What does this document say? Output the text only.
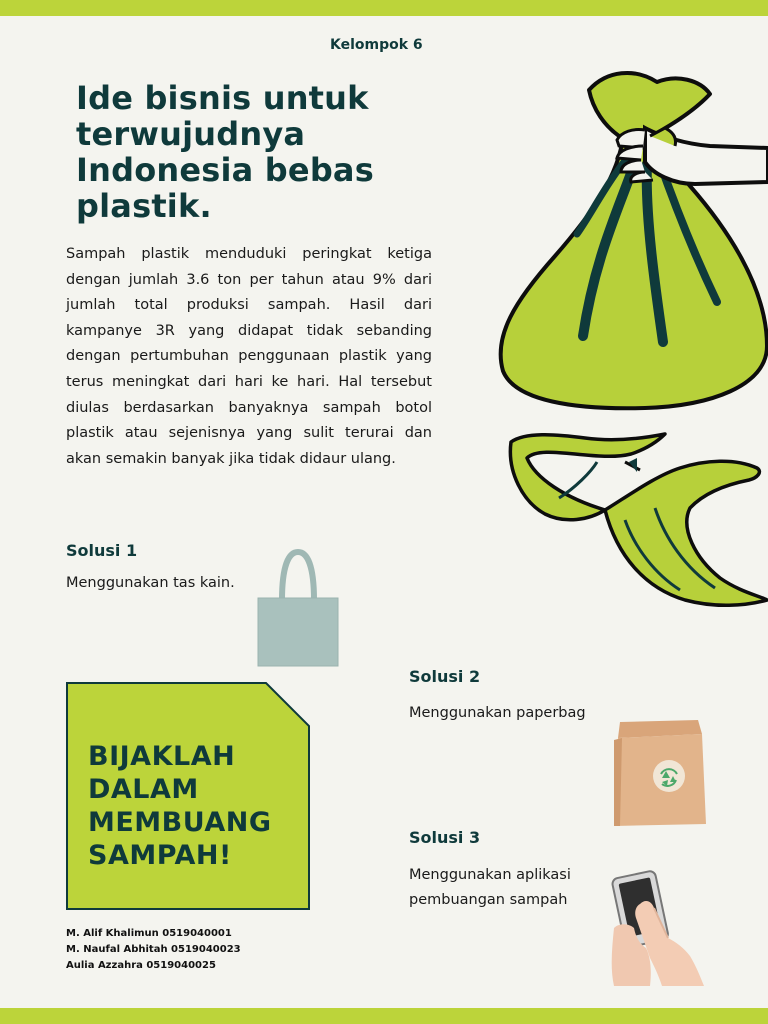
Kelompok 6
Ide bisnis untuk terwujudnya Indonesia bebas plastik.

Sampah plastik menduduki peringkat ketiga dengan jumlah 3.6 ton per tahun atau 9% dari jumlah total produksi sampah. Hasil dari kampanye 3R yang didapat tidak sebanding dengan pertumbuhan penggunaan plastik yang terus meningkat dari hari ke hari. Hal tersebut diulas berdasarkan banyaknya sampah botol plastik atau sejenisnya yang sulit terurai dan akan semakin banyak jika tidak didaur ulang.

Solusi 1
Menggunakan tas kain.

BIJAKLAH DALAM MEMBUANG SAMPAH!

Solusi 2
Menggunakan paperbag
Solusi 3
Menggunakan aplikasi pembuangan sampah
M. Alif Khalimun 0519040001
M. Naufal Abhitah 0519040023
Aulia Azzahra 0519040025
